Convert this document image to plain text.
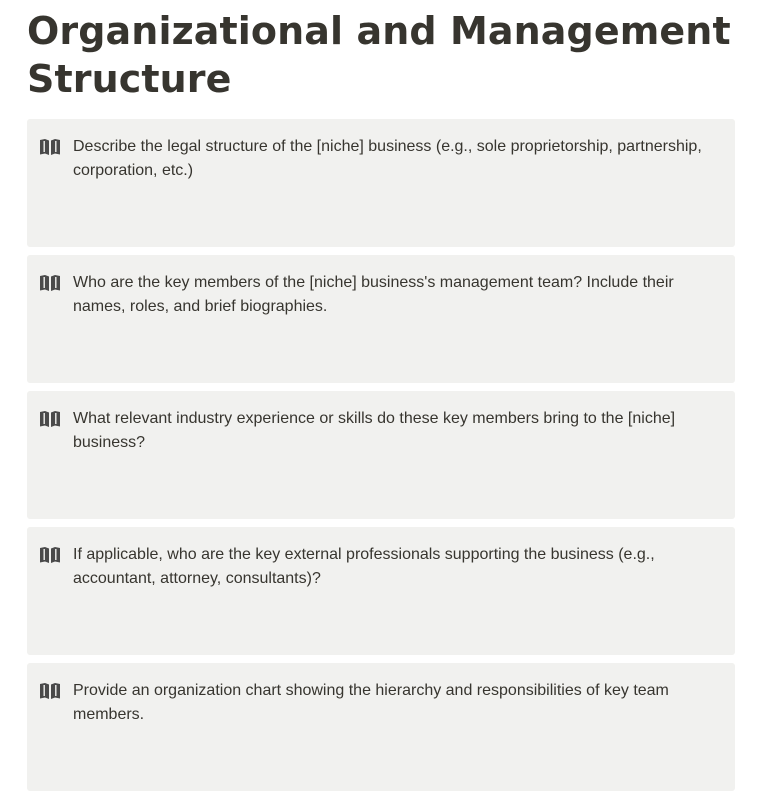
Organizational and Management Structure
Describe the legal structure of the [niche] business (e.g., sole proprietorship, partnership, corporation, etc.)
Who are the key members of the [niche] business's management team? Include their names, roles, and brief biographies.
What relevant industry experience or skills do these key members bring to the [niche] business?
If applicable, who are the key external professionals supporting the business (e.g., accountant, attorney, consultants)?
Provide an organization chart showing the hierarchy and responsibilities of key team members.
